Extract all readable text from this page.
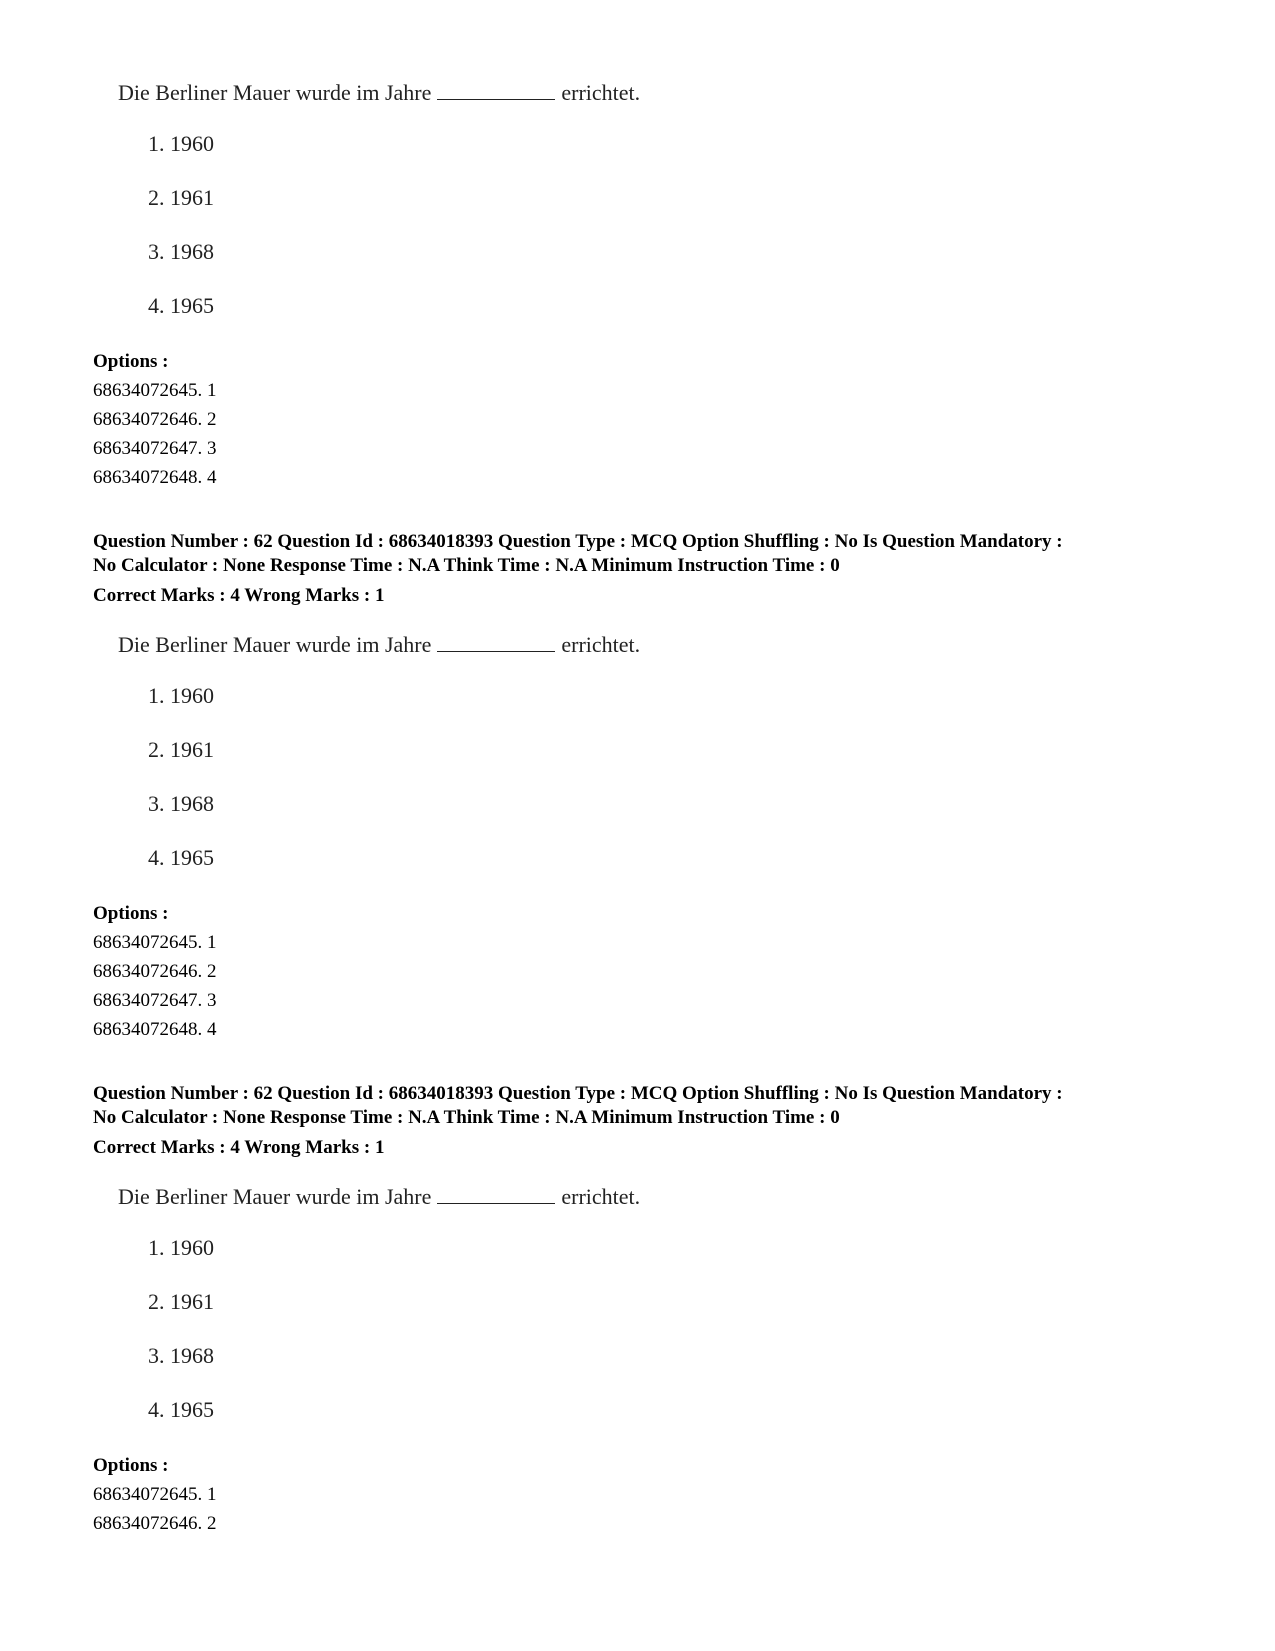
Die Berliner Mauer wurde im Jahre	errichtet.
1. 1960
2. 1961
3. 1968
4. 1965
Options :
68634072645. 1
68634072646. 2
68634072647. 3
68634072648. 4
Question Number : 62 Question Id : 68634018393 Question Type : MCQ Option Shuffling : No Is Question Mandatory :
No Calculator : None Response Time : N.A Think Time : N.A Minimum Instruction Time : 0
Correct Marks : 4 Wrong Marks : 1
Die Berliner Mauer wurde im Jahre	errichtet.
1. 1960
2. 1961
3. 1968
4. 1965
Options :
68634072645. 1
68634072646. 2
68634072647. 3
68634072648. 4
Question Number : 62 Question Id : 68634018393 Question Type : MCQ Option Shuffling : No Is Question Mandatory :
No Calculator : None Response Time : N.A Think Time : N.A Minimum Instruction Time : 0
Correct Marks : 4 Wrong Marks : 1
Die Berliner Mauer wurde im Jahre	errichtet.
1. 1960
2. 1961
3. 1968
4. 1965
Options :
68634072645. 1
68634072646. 2
